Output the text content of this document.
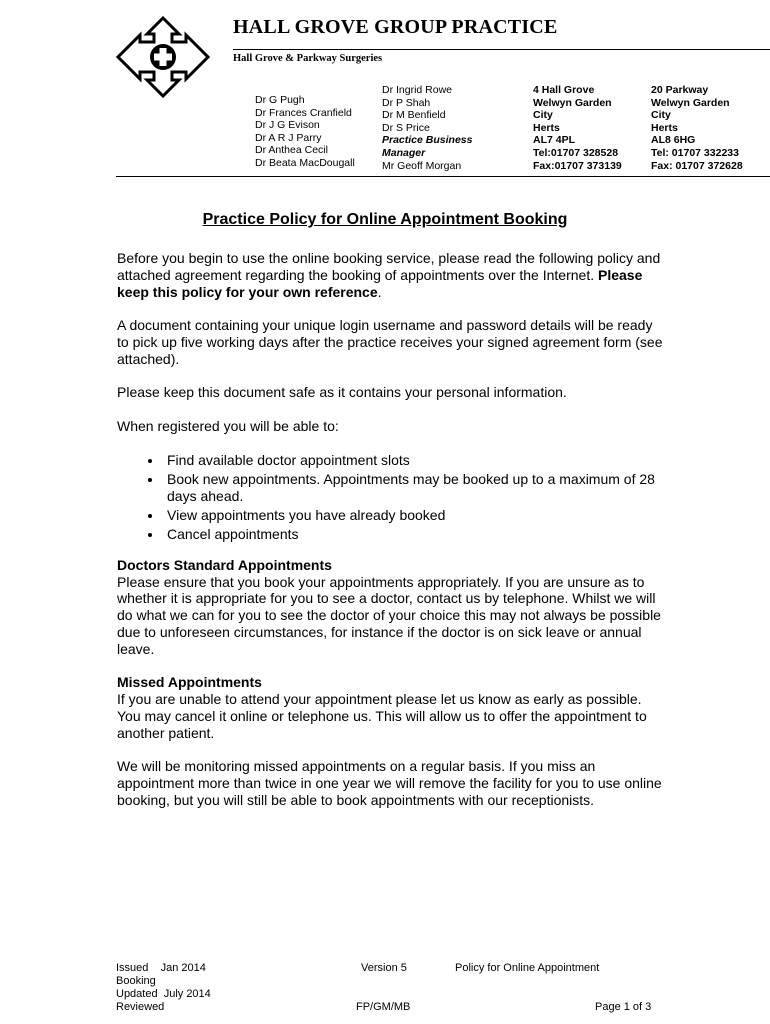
HALL GROVE GROUP PRACTICE
Hall Grove & Parkway Surgeries
Dr G Pugh
Dr Frances Cranfield
Dr J G Evison
Dr A R J Parry
Dr Anthea Cecil
Dr Beata MacDougall
Dr Ingrid Rowe
Dr P Shah
Dr M Benfield
Dr S Price
Practice Business
Manager
Mr Geoff Morgan
4 Hall Grove
Welwyn Garden
City
Herts
AL7 4PL
Tel:01707 328528
Fax:01707 373139
20 Parkway
Welwyn Garden
City
Herts
AL8 6HG
Tel: 01707 332233
Fax: 01707 372628
Practice Policy for Online Appointment Booking

Before you begin to use the online booking service, please read the following policy and attached agreement regarding the booking of appointments over the Internet. Please keep this policy for your own reference.

A document containing your unique login username and password details will be ready to pick up five working days after the practice receives your signed agreement form (see attached).

Please keep this document safe as it contains your personal information.

When registered you will be able to:

• Find available doctor appointment slots
• Book new appointments. Appointments may be booked up to a maximum of 28 days ahead.
• View appointments you have already booked
• Cancel appointments
Doctors Standard Appointments

Please ensure that you book your appointments appropriately. If you are unsure as to whether it is appropriate for you to see a doctor, contact us by telephone. Whilst we will do what we can for you to see the doctor of your choice this may not always be possible due to unforeseen circumstances, for instance if the doctor is on sick leave or annual leave.

Missed Appointments

If you are unable to attend your appointment please let us know as early as possible. You may cancel it online or telephone us. This will allow us to offer the appointment to another patient.

We will be monitoring missed appointments on a regular basis. If you miss an appointment more than twice in one year we will remove the facility for you to use online booking, but you will still be able to book appointments with our receptionists.

Issued    Jan 2014
Booking
Updated  July 2014
Reviewed
Version 5	Policy for Online Appointment
FP/GM/MB	Page 1 of 3
